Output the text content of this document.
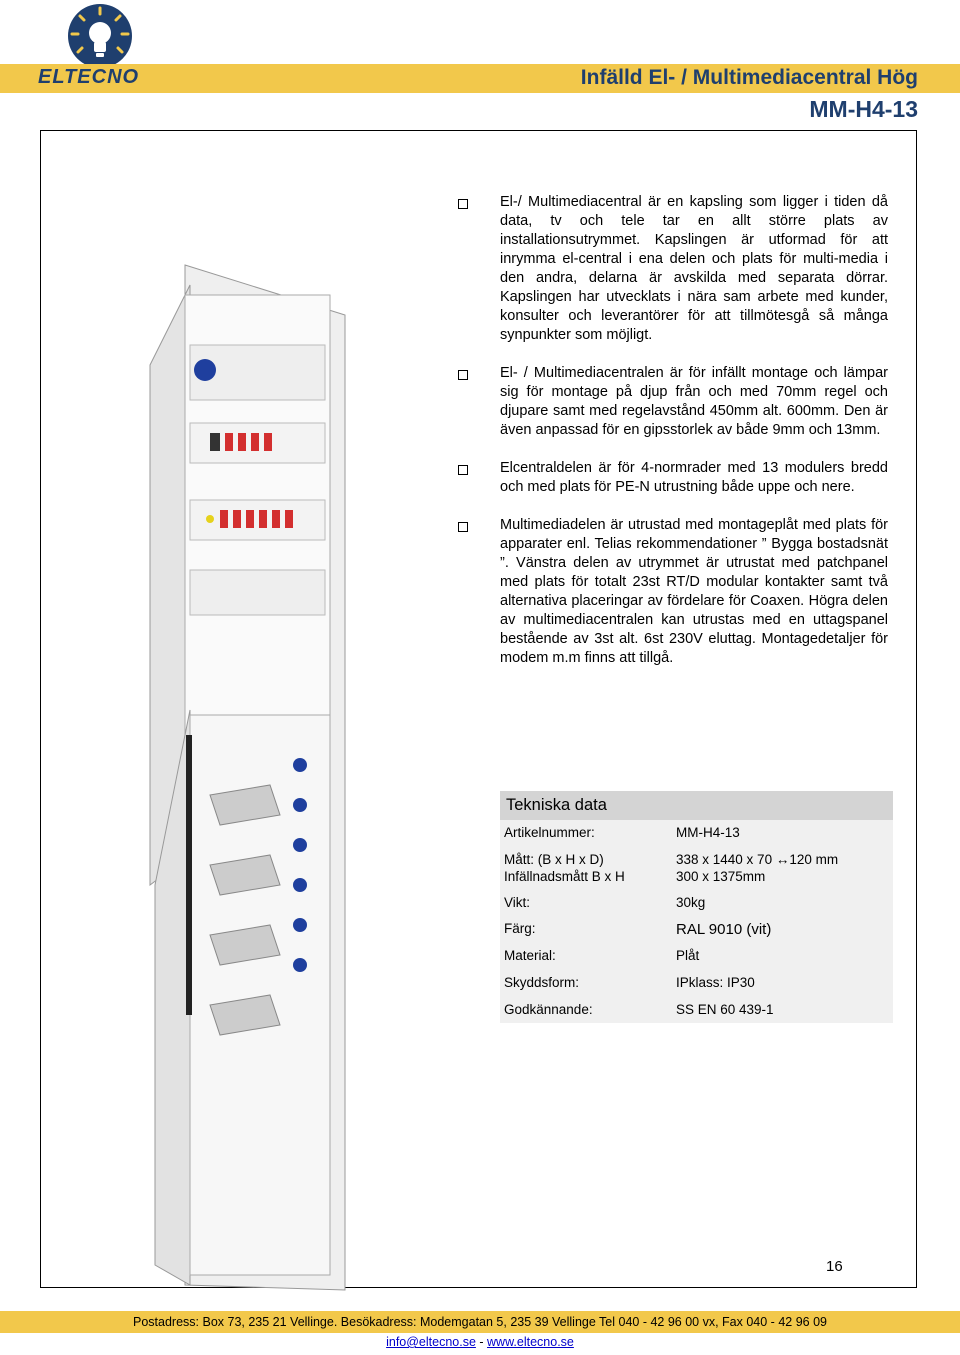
ELTECNO	Infälld El- / Multimediacentral Hög
MM-H4-13
El-/ Multimediacentral är en kapsling som ligger i tiden då data, tv och tele tar en allt större plats av installationsutrymmet. Kapslingen är utformad för att inrymma el-central i ena delen och plats för multi-media i den andra, delarna är avskilda med separata dörrar. Kapslingen har utvecklats i nära sam arbete med kunder, konsulter och leverantörer för att tillmötesgå så många synpunkter som möjligt.
El- / Multimediacentralen är för infällt montage och lämpar sig för montage på djup från och med 70mm regel och djupare samt med regelavstånd 450mm alt. 600mm. Den är även anpassad för en gipsstorlek av både 9mm och 13mm.
Elcentraldelen är för 4-normrader med 13 modulers bredd och med plats för PE-N utrustning både uppe och nere.
Multimediadelen är utrustad med montageplåt med plats för apparater enl. Telias rekommendationer ” Bygga bostadsnät ”. Vänstra delen av utrymmet är utrustat med patchpanel med plats för totalt 23st RT/D modular kontakter samt två alternativa placeringar av fördelare för Coaxen. Högra delen av multimediacentralen kan utrustas med en uttagspanel bestående av 3st alt. 6st 230V eluttag. Montagedetaljer för modem m.m finns att tillgå.
Tekniska data
Artikelnummer:	MM-H4-13
Mått: (B x H x D)	338 x 1440 x 70 ↔120 mm
Infällnadsmått B x H	300 x 1375mm
Vikt:	30kg
Färg:	RAL 9010 (vit)
Material:	Plåt
Skyddsform:	IPklass: IP30
Godkännande:	SS EN 60 439-1
16
Postadress: Box 73, 235 21 Vellinge. Besökadress: Modemgatan 5, 235 39 Vellinge Tel 040 - 42 96 00 vx, Fax 040 - 42 96 09
info@eltecno.se - www.eltecno.se
